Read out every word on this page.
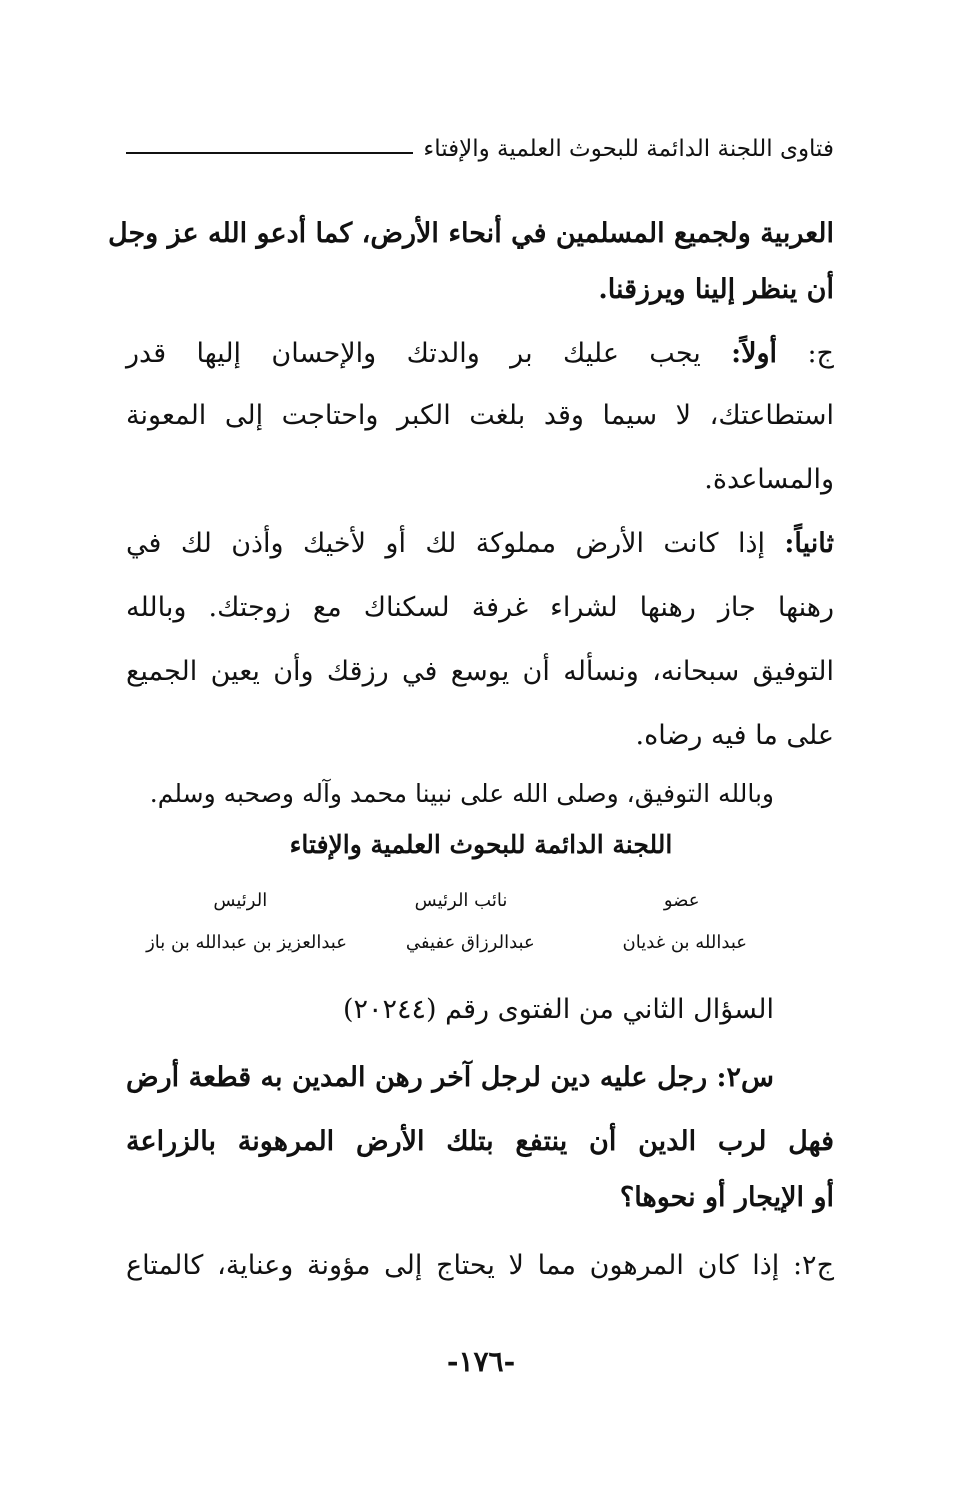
فتاوى اللجنة الدائمة للبحوث العلمية والإفتاء
العربية ولجميع المسلمين في أنحاء الأرض، كما أدعو الله عز وجل
أن ينظر إلينا ويرزقنا.
ج: أولاً: يجب عليك بر والدتك والإحسان إليها قدر
استطاعتك، لا سيما وقد بلغت الكبر واحتاجت إلى المعونة
والمساعدة.
ثانياً: إذا كانت الأرض مملوكة لك أو لأخيك وأذن لك في
رهنها جاز رهنها لشراء غرفة لسكناك مع زوجتك. وبالله
التوفيق سبحانه، ونسأله أن يوسع في رزقك وأن يعين الجميع
على ما فيه رضاه.
وبالله التوفيق، وصلى الله على نبينا محمد وآله وصحبه وسلم.
اللجنة الدائمة للبحوث العلمية والإفتاء
عضو
نائب الرئيس
الرئيس
عبدالله بن غديان
عبدالرزاق عفيفي
عبدالعزيز بن عبدالله بن باز
السؤال الثاني من الفتوى رقم (٢٠٢٤٤)
س٢: رجل عليه دين لرجل آخر رهن المدين به قطعة أرض
فهل لرب الدين أن ينتفع بتلك الأرض المرهونة بالزراعة
أو الإيجار أو نحوها؟
ج٢: إذا كان المرهون مما لا يحتاج إلى مؤونة وعناية، كالمتاع
-١٧٦-
